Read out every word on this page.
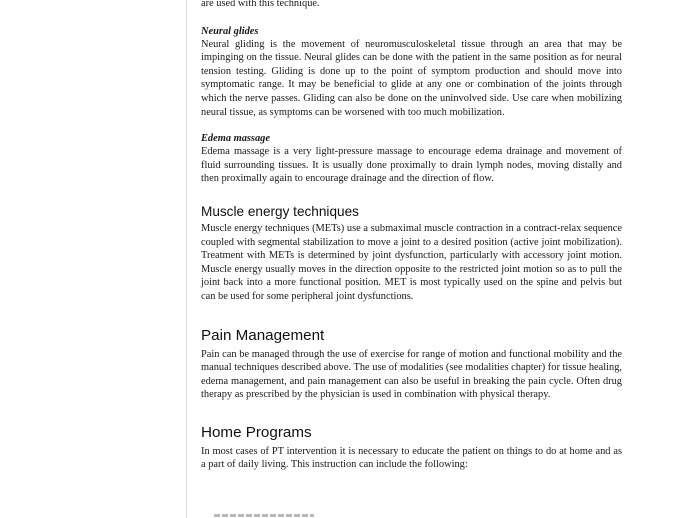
are used with this technique.

Neural glides

Neural gliding is the movement of neuromusculoskeletal tissue through an area that may be impinging on the tissue. Neural glides can be done with the patient in the same position as for neural tension testing. Gliding is done up to the point of symptom production and should move into symptomatic range. It may be beneficial to glide at any one or combination of the joints through which the nerve passes. Gliding can also be done on the uninvolved side. Use care when mobilizing neural tissue, as symptoms can be worsened with too much mobilization.

Edema massage

Edema massage is a very light-pressure massage to encourage edema drainage and movement of fluid surrounding tissues. It is usually done proximally to drain lymph nodes, moving distally and then proximally again to encourage drainage and the direction of flow.

Muscle energy techniques

Muscle energy techniques (METs) use a submaximal muscle contraction in a contract-relax sequence coupled with segmental stabilization to move a joint to a desired position (active joint mobilization). Treatment with METs is determined by joint dysfunction, particularly with accessory joint motion. Muscle energy usually moves in the direction opposite to the restricted joint motion so as to pull the joint back into a more functional position. MET is most typically used on the spine and pelvis but can be used for some peripheral joint dysfunctions.

Pain Management

Pain can be managed through the use of exercise for range of motion and functional mobility and the manual techniques described above. The use of modalities (see modalities chapter) for tissue healing, edema management, and pain management can also be useful in breaking the pain cycle. Often drug therapy as prescribed by the physician is used in combination with physical therapy.

Home Programs

In most cases of PT intervention it is necessary to educate the patient on things to do at home and as a part of daily living. This instruction can include the following:
